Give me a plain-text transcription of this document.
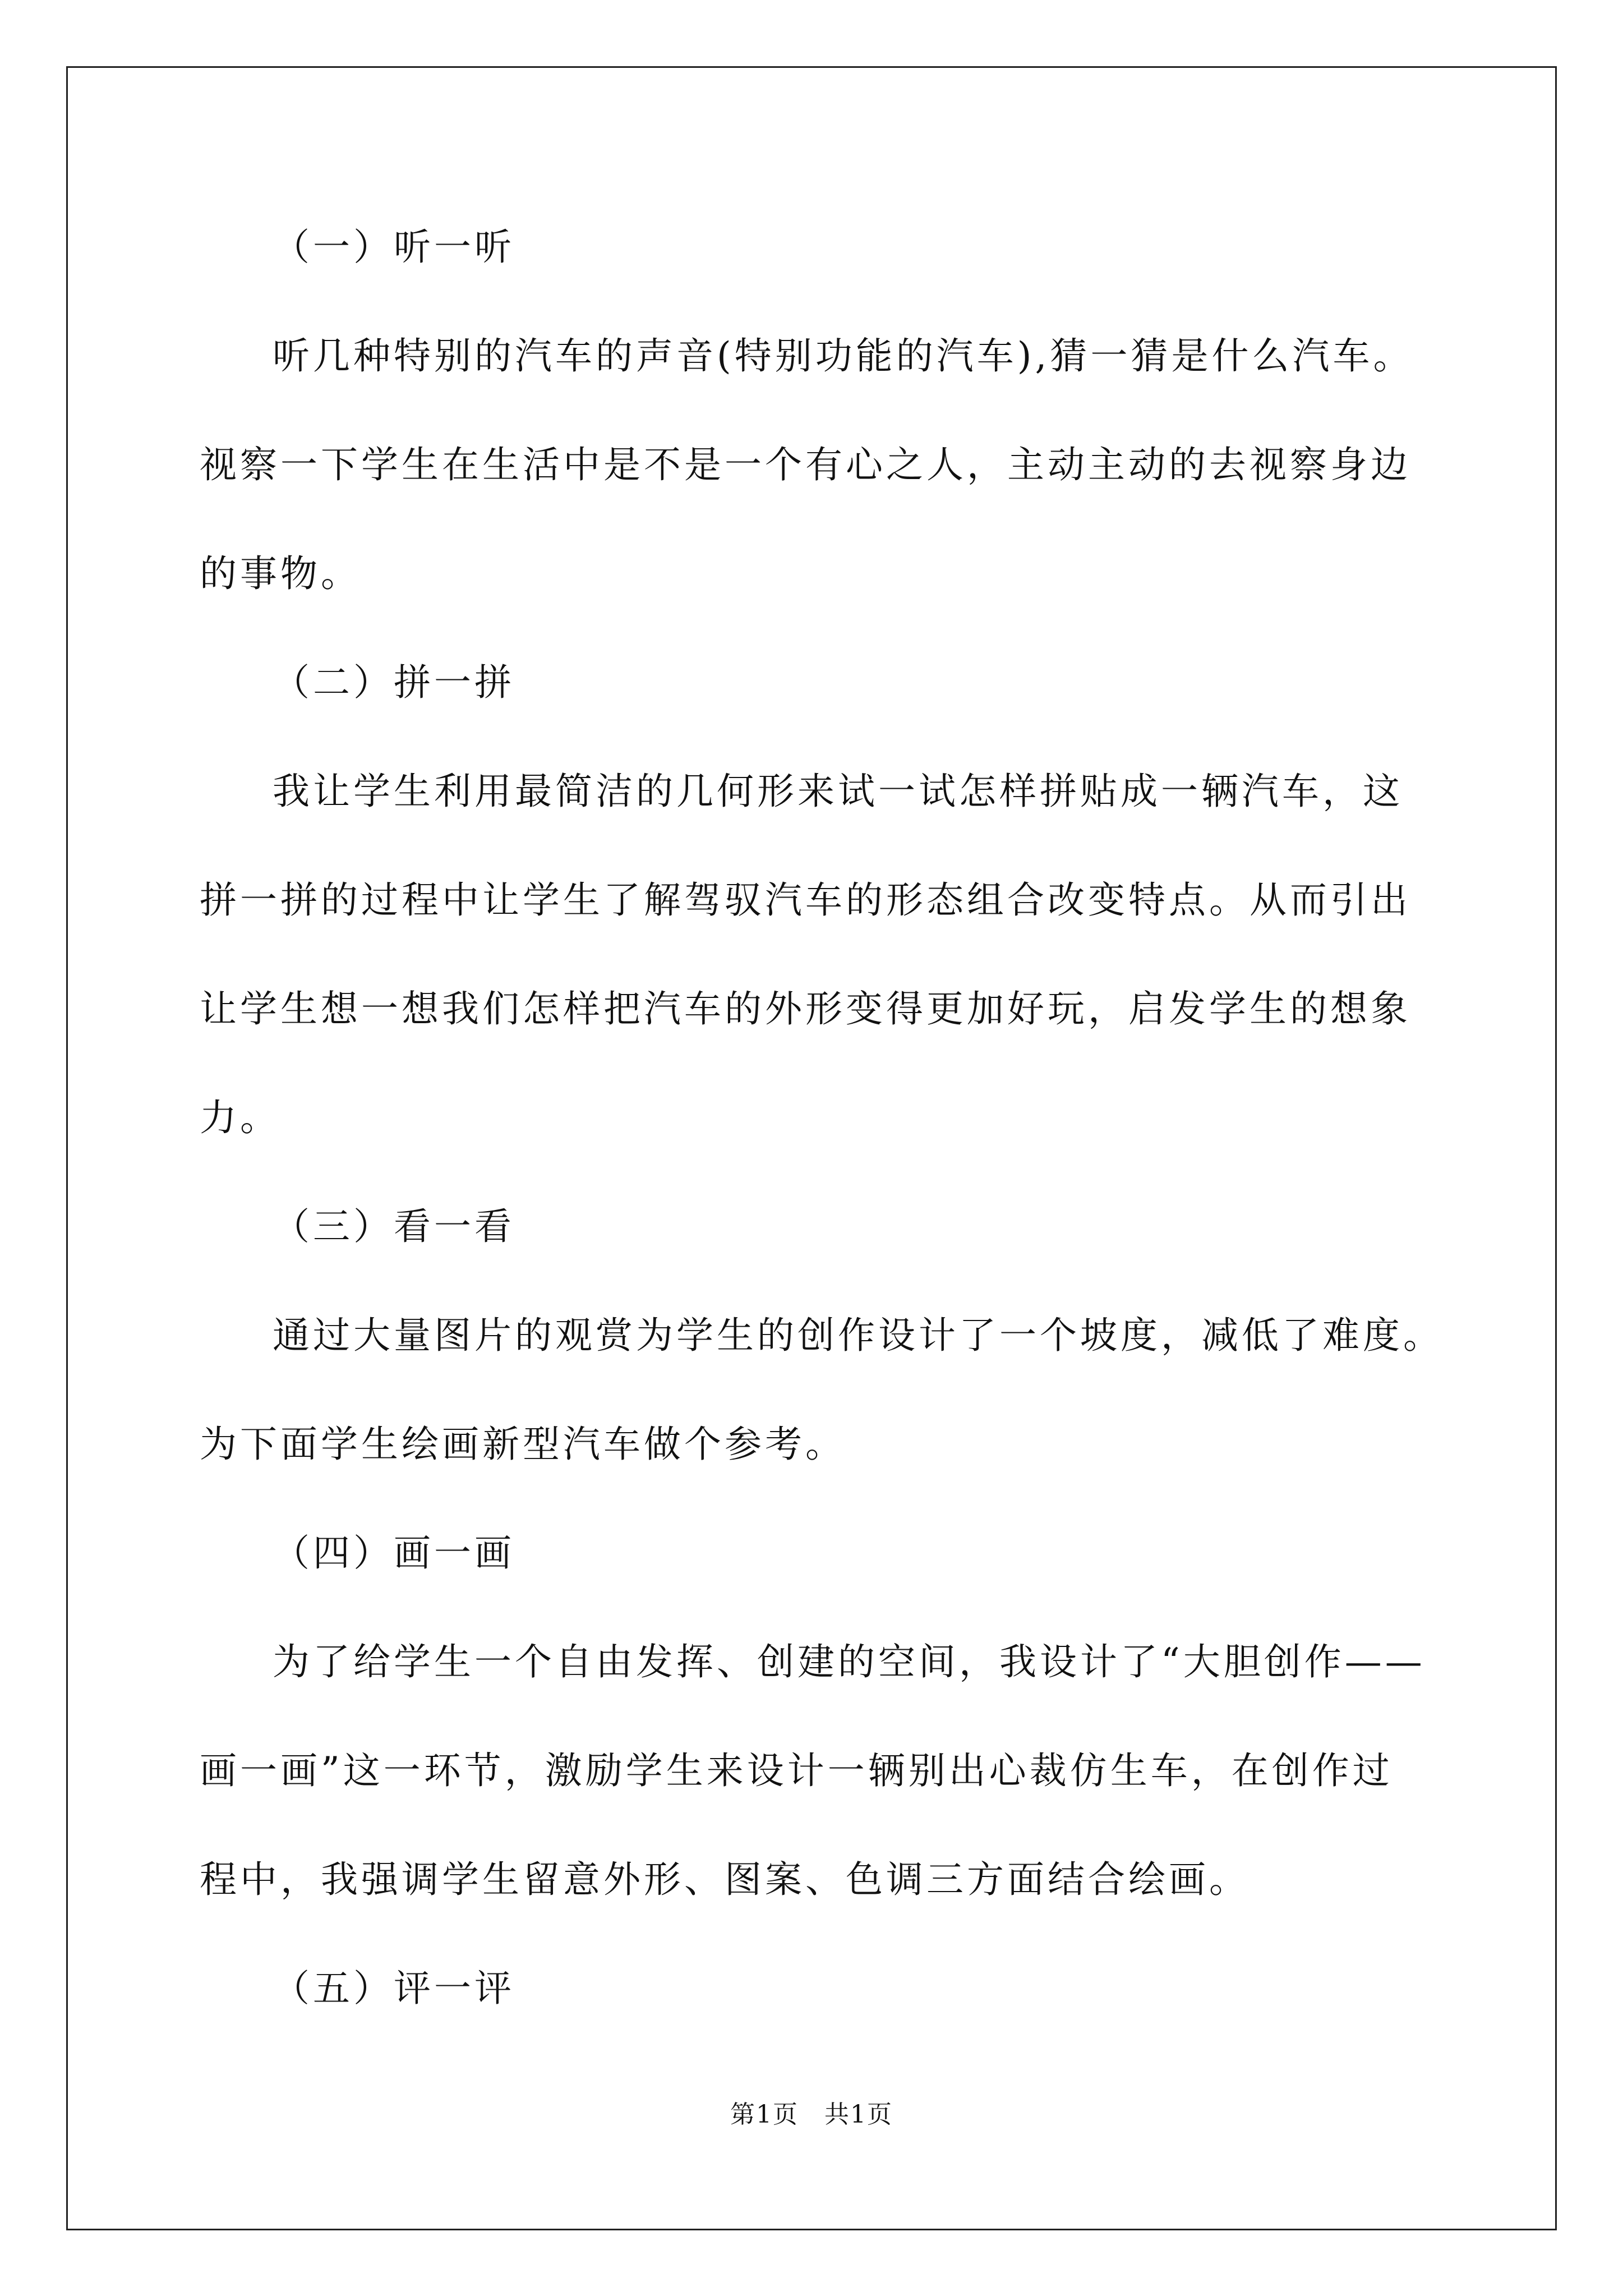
（一）听一听
听几种特别的汽车的声音(特别功能的汽车),猜一猜是什么汽车。
视察一下学生在生活中是不是一个有心之人，主动主动的去视察身边
的事物。
（二）拼一拼
我让学生利用最简洁的几何形来试一试怎样拼贴成一辆汽车，这
拼一拼的过程中让学生了解驾驭汽车的形态组合改变特点。从而引出
让学生想一想我们怎样把汽车的外形变得更加好玩，启发学生的想象
力。
（三）看一看
通过大量图片的观赏为学生的创作设计了一个坡度，减低了难度。
为下面学生绘画新型汽车做个参考。
（四）画一画
为了给学生一个自由发挥、创建的空间，我设计了“大胆创作——
画一画”这一环节，激励学生来设计一辆别出心裁仿生车，在创作过
程中，我强调学生留意外形、图案、色调三方面结合绘画。
（五）评一评
第1页　共1页
